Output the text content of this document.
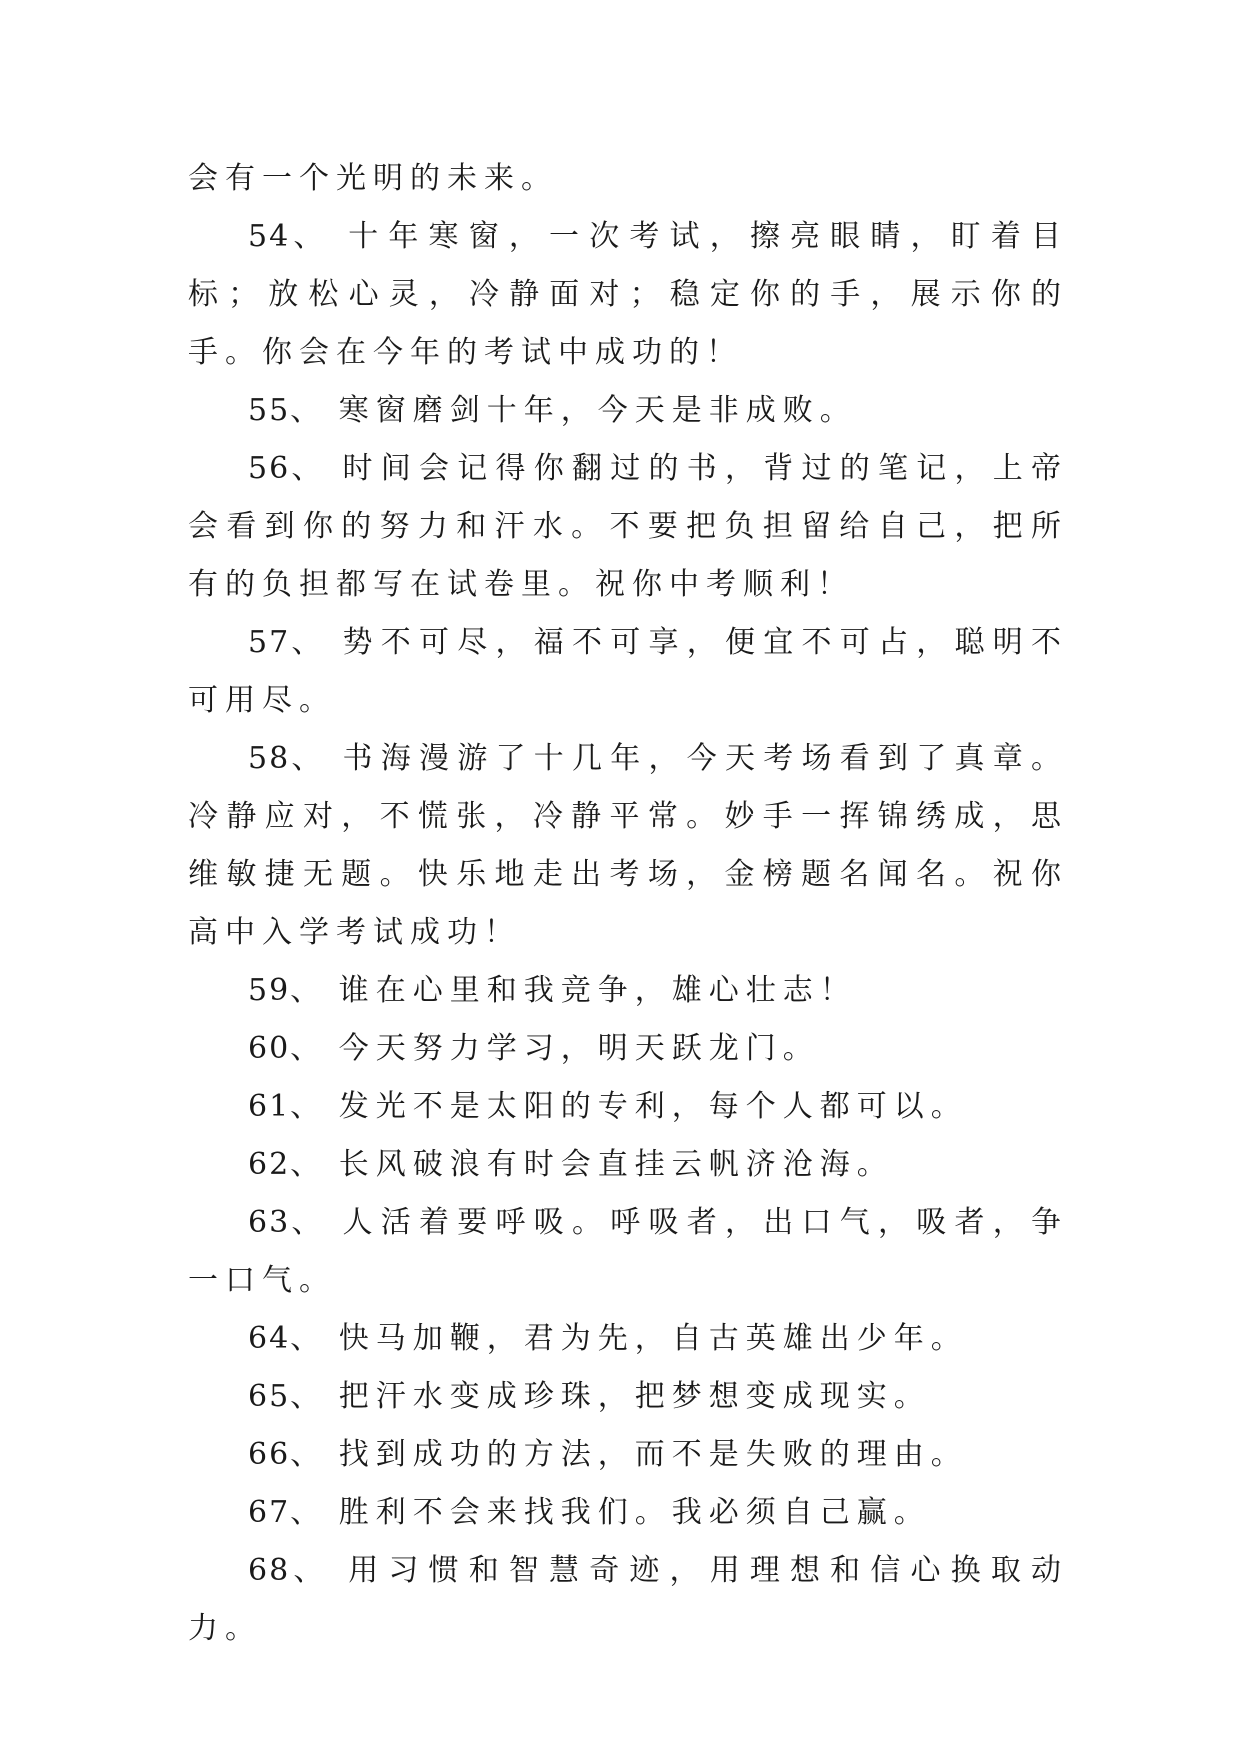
会有一个光明的未来。

54、 十年寒窗，一次考试，擦亮眼睛，盯着目标；放松心灵，冷静面对；稳定你的手，展示你的手。你会在今年的考试中成功的！

55、 寒窗磨剑十年，今天是非成败。

56、 时间会记得你翻过的书，背过的笔记，上帝会看到你的努力和汗水。不要把负担留给自己，把所有的负担都写在试卷里。祝你中考顺利！

57、 势不可尽，福不可享，便宜不可占，聪明不可用尽。

58、 书海漫游了十几年，今天考场看到了真章。冷静应对，不慌张，冷静平常。妙手一挥锦绣成，思维敏捷无题。快乐地走出考场，金榜题名闻名。祝你高中入学考试成功！

59、 谁在心里和我竞争，雄心壮志！

60、 今天努力学习，明天跃龙门。

61、 发光不是太阳的专利，每个人都可以。

62、 长风破浪有时会直挂云帆济沧海。

63、 人活着要呼吸。呼吸者，出口气，吸者，争一口气。

64、 快马加鞭，君为先，自古英雄出少年。

65、 把汗水变成珍珠，把梦想变成现实。

66、 找到成功的方法，而不是失败的理由。

67、 胜利不会来找我们。我必须自己赢。

68、 用习惯和智慧奇迹，用理想和信心换取动力。
